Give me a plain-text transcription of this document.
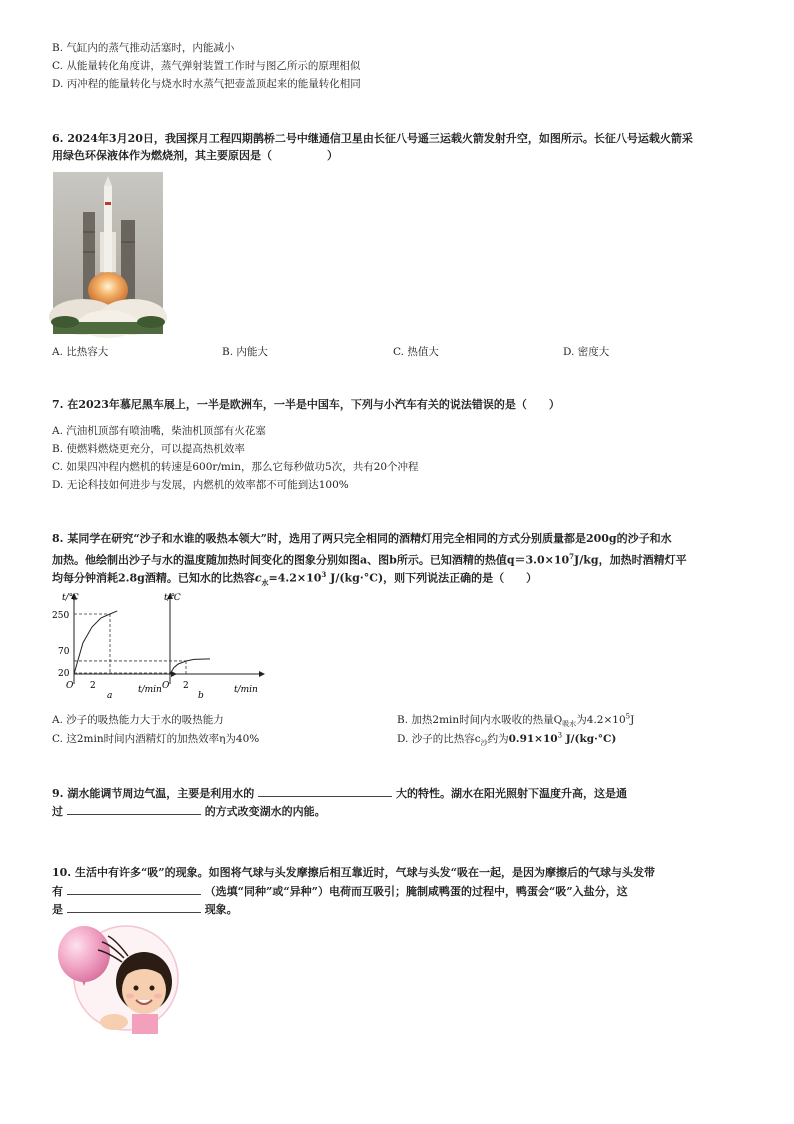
B. 气缸内的蒸气推动活塞时，内能减小
C. 从能量转化角度讲，蒸气弹射装置工作时与图乙所示的原理相似
D. 丙冲程的能量转化与烧水时水蒸气把壶盖顶起来的能量转化相同
6. 2024年3月20日，我国探月工程四期鹊桥二号中继通信卫星由长征八号遥三运载火箭发射升空，如图所示。长征八号运载火箭采
用绿色环保液体作为燃烧剂，其主要原因是（　　　　　）
A. 比热容大	B. 内能大	C. 热值大	D. 密度大
7. 在2023年慕尼黑车展上，一半是欧洲车，一半是中国车，下列与小汽车有关的说法错误的是（　　）
A. 汽油机顶部有喷油嘴，柴油机顶部有火花塞
B. 使燃料燃烧更充分，可以提高热机效率
C. 如果四冲程内燃机的转速是600r/min，那么它每秒做功5次，共有20个冲程
D. 无论科技如何进步与发展，内燃机的效率都不可能到达100%
8. 某同学在研究“沙子和水谁的吸热本领大”时，选用了两只完全相同的酒精灯用完全相同的方式分别质量都是200g的沙子和水
加热。他绘制出沙子与水的温度随加热时间变化的图象分别如图a、图b所示。已知酒精的热值$q=3.0\times 10^7J/kg$，加热时酒精灯平
均每分钟消耗2.8g酒精。已知水的比热容$c_水=4.2\times 10^3$ J/(kg·°C)，则下列说法正确的是（　　）
t/℃
250
70
20
O 2	t/min
a
t/℃
O 2	t/min
b
A. 沙子的吸热能力大于水的吸热能力	B. 加热2min时间内水吸收的热量$Q_{吸水}$为$4.2\times 10^5J$
C. 这2min时间内酒精灯的加热效率η为40%	D. 沙子的比热容$c_沙$约为$0.91\times 10^3$ J/(kg·°C)
9. 湖水能调节周边气温，主要是利用水的	大的特性。湖水在阳光照射下温度升高，这是通
过	的方式改变湖水的内能。
10. 生活中有许多“吸”的现象。如图将气球与头发摩擦后相互靠近时，气球与头发“吸在一起，是因为摩擦后的气球与头发带
有	（选填“同种”或“异种”）电荷而互吸引；腌制咸鸭蛋的过程中，鸭蛋会“吸”入盐分，这
是	现象。
